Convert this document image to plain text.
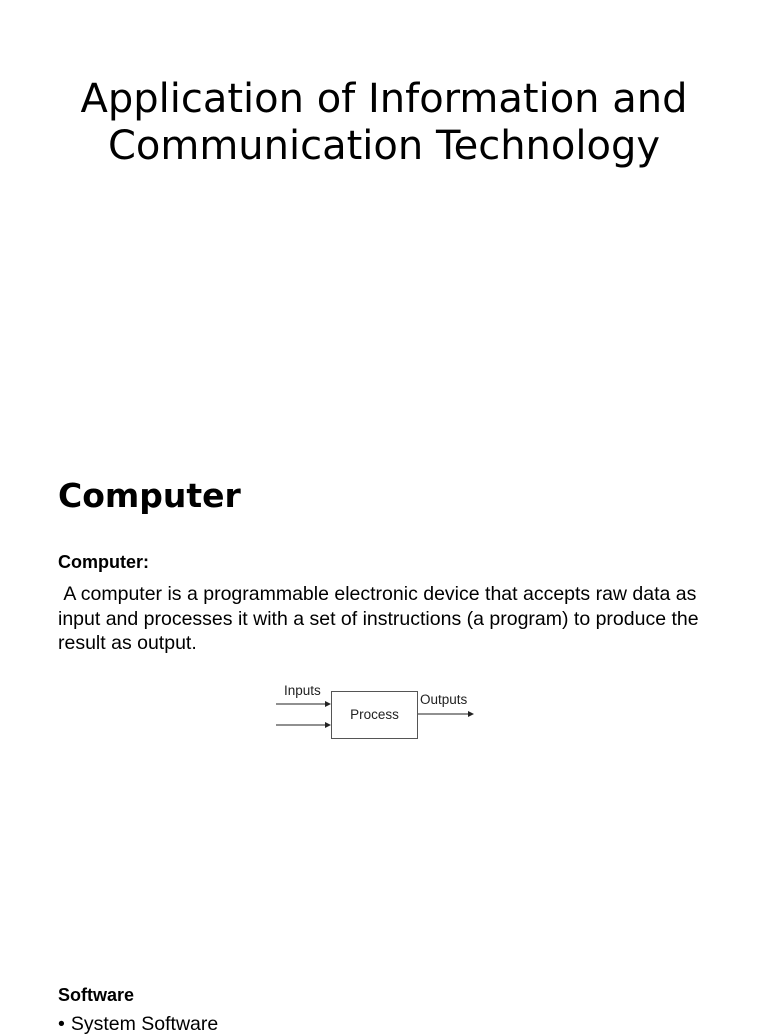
Application of Information and Communication Technology
Computer

Computer:

A computer is a programmable electronic device that accepts raw data as input and processes it with a set of instructions (a program) to produce the result as output.

Inputs
Process
Outputs

Software

• System Software
